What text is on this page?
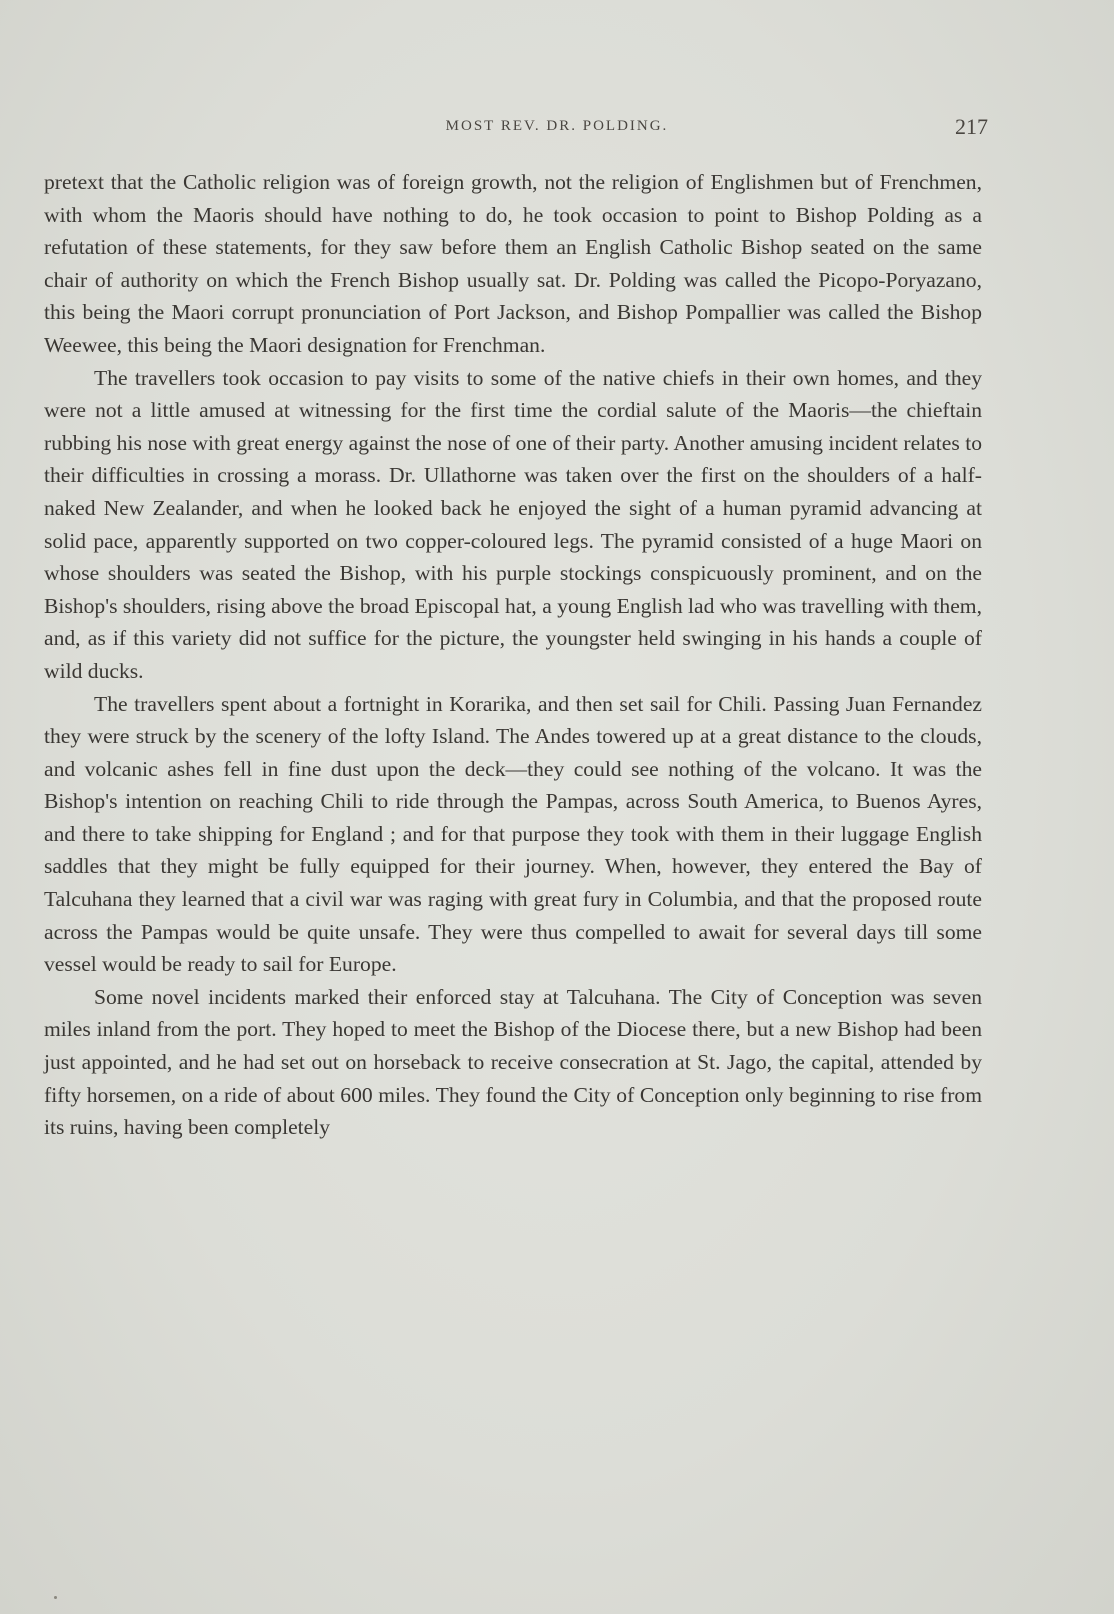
MOST REV. DR. POLDING.	217

pretext that the Catholic religion was of foreign growth, not the religion of Englishmen but of Frenchmen, with whom the Maoris should have nothing to do, he took occasion to point to Bishop Polding as a refutation of these statements, for they saw before them an English Catholic Bishop seated on the same chair of authority on which the French Bishop usually sat. Dr. Polding was called the Picopo-Poryazano, this being the Maori corrupt pronunciation of Port Jackson, and Bishop Pompallier was called the Bishop Weewee, this being the Maori designation for Frenchman.

The travellers took occasion to pay visits to some of the native chiefs in their own homes, and they were not a little amused at witnessing for the first time the cordial salute of the Maoris—the chieftain rubbing his nose with great energy against the nose of one of their party. Another amusing incident relates to their difficulties in crossing a morass. Dr. Ullathorne was taken over the first on the shoulders of a half-naked New Zealander, and when he looked back he enjoyed the sight of a human pyramid advancing at solid pace, apparently supported on two copper-coloured legs. The pyramid consisted of a huge Maori on whose shoulders was seated the Bishop, with his purple stockings conspicuously prominent, and on the Bishop's shoulders, rising above the broad Episcopal hat, a young English lad who was travelling with them, and, as if this variety did not suffice for the picture, the youngster held swinging in his hands a couple of wild ducks.

The travellers spent about a fortnight in Korarika, and then set sail for Chili. Passing Juan Fernandez they were struck by the scenery of the lofty Island. The Andes towered up at a great distance to the clouds, and volcanic ashes fell in fine dust upon the deck—they could see nothing of the volcano. It was the Bishop's intention on reaching Chili to ride through the Pampas, across South America, to Buenos Ayres, and there to take shipping for England ; and for that purpose they took with them in their luggage English saddles that they might be fully equipped for their journey. When, however, they entered the Bay of Talcuhana they learned that a civil war was raging with great fury in Columbia, and that the proposed route across the Pampas would be quite unsafe. They were thus compelled to await for several days till some vessel would be ready to sail for Europe.

Some novel incidents marked their enforced stay at Talcuhana. The City of Conception was seven miles inland from the port. They hoped to meet the Bishop of the Diocese there, but a new Bishop had been just appointed, and he had set out on horseback to receive consecration at St. Jago, the capital, attended by fifty horsemen, on a ride of about 600 miles. They found the City of Conception only beginning to rise from its ruins, having been completely
